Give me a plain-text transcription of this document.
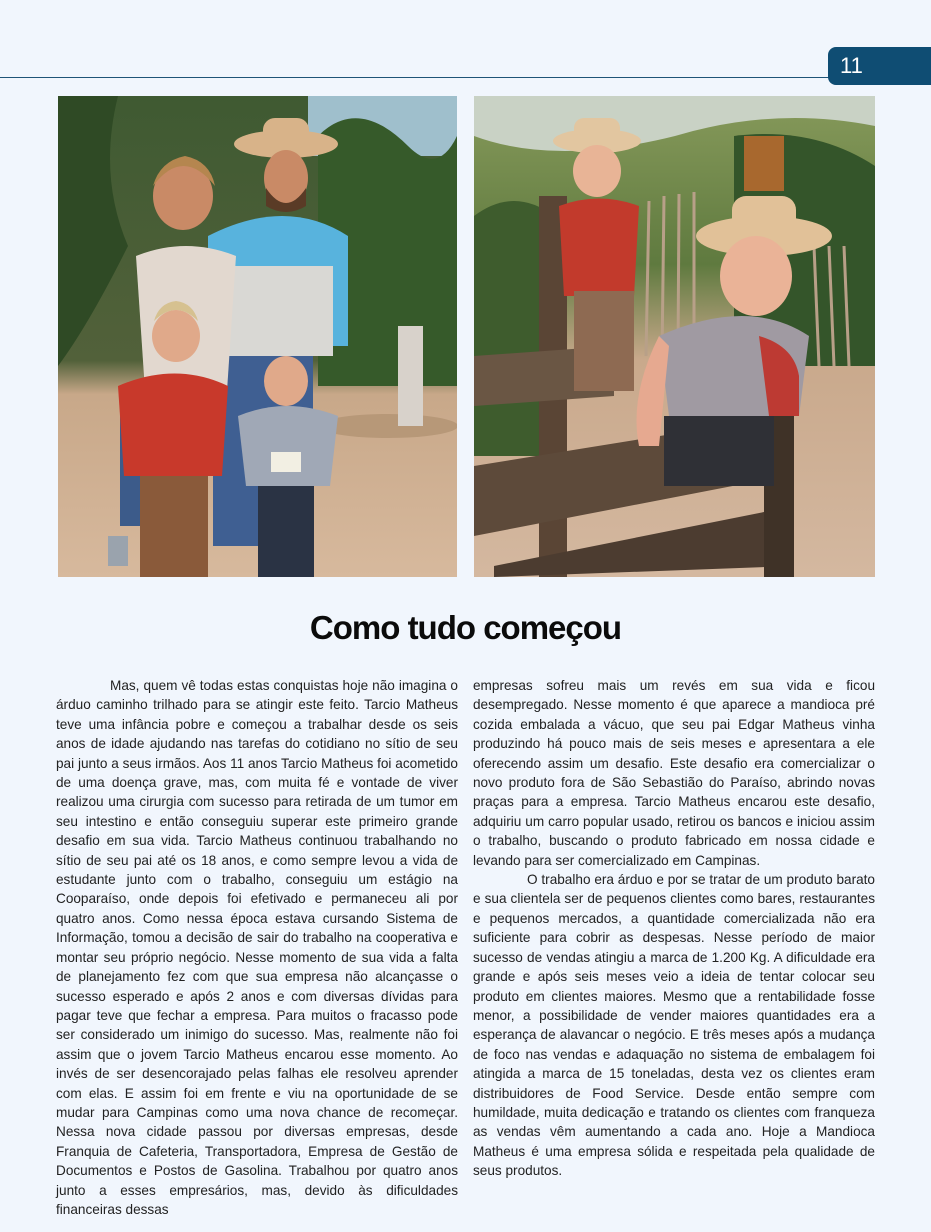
11
Como tudo começou

Mas, quem vê todas estas conquistas hoje não imagina o árduo caminho trilhado para se atingir este feito. Tarcio Matheus teve uma infância pobre e começou a trabalhar desde os seis anos de idade ajudando nas tarefas do cotidiano no sítio de seu pai junto a seus irmãos. Aos 11 anos Tarcio Matheus foi acometido de uma doença grave, mas, com muita fé e vontade de viver realizou uma cirurgia com sucesso para retirada de um tumor em seu intestino e então conseguiu superar este primeiro grande desafio em sua vida. Tarcio Matheus continuou trabalhando no sítio de seu pai até os 18 anos, e como sempre levou a vida de estudante junto com o trabalho, conseguiu um estágio na Cooparaíso, onde depois foi efetivado e permaneceu ali por quatro anos. Como nessa época estava cursando Sistema de Informação, tomou a decisão de sair do trabalho na cooperativa e montar seu próprio negócio. Nesse momento de sua vida a falta de planejamento fez com que sua empresa não alcançasse o sucesso esperado e após 2 anos e com diversas dívidas para pagar teve que fechar a empresa. Para muitos o fracasso pode ser considerado um inimigo do sucesso. Mas, realmente não foi assim que o jovem Tarcio Matheus encarou esse momento. Ao invés de ser desencorajado pelas falhas ele resolveu aprender com elas. E assim foi em frente e viu na oportunidade de se mudar para Campinas como uma nova chance de recomeçar. Nessa nova cidade passou por diversas empresas, desde Franquia de Cafeteria, Transportadora, Empresa de Gestão de Documentos e Postos de Gasolina. Trabalhou por quatro anos junto a esses empresários, mas, devido às dificuldades financeiras dessas

empresas sofreu mais um revés em sua vida e ficou desempregado. Nesse momento é que aparece a mandioca pré cozida embalada a vácuo, que seu pai Edgar Matheus vinha produzindo há pouco mais de seis meses e apresentara a ele oferecendo assim um desafio. Este desafio era comercializar o novo produto fora de São Sebastião do Paraíso, abrindo novas praças para a empresa. Tarcio Matheus encarou este desafio, adquiriu um carro popular usado, retirou os bancos e iniciou assim o trabalho, buscando o produto fabricado em nossa cidade e levando para ser comercializado em Campinas.

O trabalho era árduo e por se tratar de um produto barato e sua clientela ser de pequenos clientes como bares, restaurantes e pequenos mercados, a quantidade comercializada não era suficiente para cobrir as despesas. Nesse período de maior sucesso de vendas atingiu a marca de 1.200 Kg. A dificuldade era grande e após seis meses veio a ideia de tentar colocar seu produto em clientes maiores. Mesmo que a rentabilidade fosse menor, a possibilidade de vender maiores quantidades era a esperança de alavancar o negócio. E três meses após a mudança de foco nas vendas e adaquação no sistema de embalagem foi atingida a marca de 15 toneladas, desta vez os clientes eram distribuidores de Food Service. Desde então sempre com humildade, muita dedicação e tratando os clientes com franqueza as vendas vêm aumentando a cada ano. Hoje a Mandioca Matheus é uma empresa sólida e respeitada pela qualidade de seus produtos.
